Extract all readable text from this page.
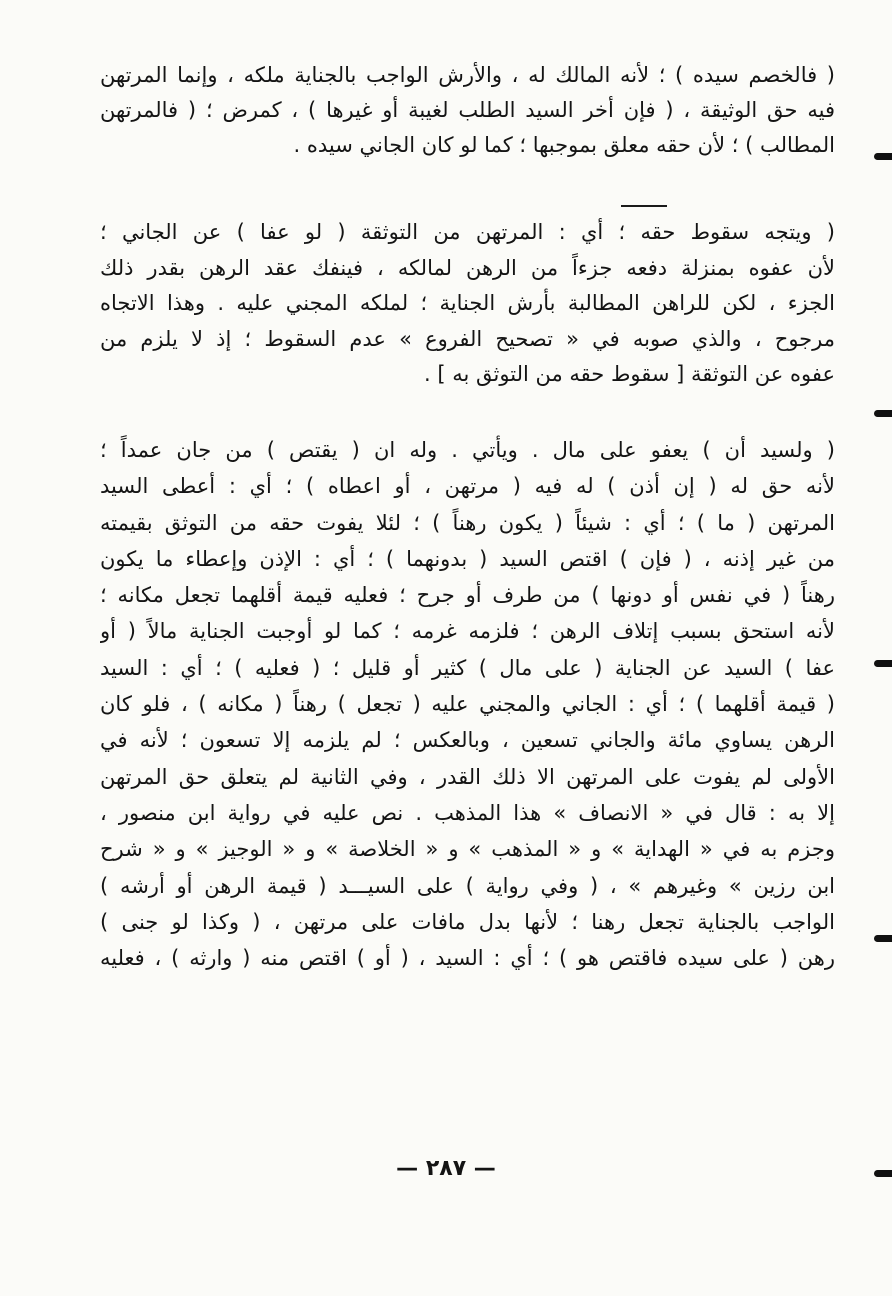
( فالخصم سيده ) ؛ لأنه المالك له ، والأرش الواجب بالجناية ملكه ، وإنما المرتهن
فيه حق الوثيقة ، ( فإن أخر السيد الطلب لغيبة أو غيرها ) ، كمرض ؛ ( فالمرتهن
المطالب ) ؛ لأن حقه معلق بموجبها ؛ كما لو كان الجاني سيده .
( ويتجه سقوط حقه ؛ أي : المرتهن من التوثقة ( لو عفا ) عن الجاني ؛
لأن عفوه بمنزلة دفعه جزءاً من الرهن لمالكه ، فينفك عقد الرهن بقدر ذلك
الجزء ، لكن للراهن المطالبة بأرش الجناية ؛ لملكه المجني عليه . وهذا الاتجاه
مرجوح ، والذي صوبه في « تصحيح الفروع » عدم السقوط ؛ إذ لا يلزم من
عفوه عن التوثقة [ سقوط حقه من التوثق به ] .
( ولسيد أن ) يعفو على مال . ويأتي . وله ان ( يقتص ) من جان عمداً ؛
لأنه حق له ( إن أذن ) له فيه ( مرتهن ، أو اعطاه ) ؛ أي : أعطى السيد
المرتهن ( ما ) ؛ أي : شيئاً ( يكون رهناً ) ؛ لئلا يفوت حقه من التوثق بقيمته
من غير إذنه ، ( فإن ) اقتص السيد ( بدونهما ) ؛ أي : الإذن وإعطاء ما يكون
رهناً ( في نفس أو دونها ) من طرف أو جرح ؛ فعليه قيمة أقلهما تجعل مكانه ؛
لأنه استحق بسبب إتلاف الرهن ؛ فلزمه غرمه ؛ كما لو أوجبت الجناية مالاً ( أو
عفا ) السيد عن الجناية ( على مال ) كثير أو قليل ؛ ( فعليه ) ؛ أي : السيد
( قيمة أقلهما ) ؛ أي : الجاني والمجني عليه ( تجعل ) رهناً ( مكانه ) ، فلو كان
الرهن يساوي مائة والجاني تسعين ، وبالعكس ؛ لم يلزمه إلا تسعون ؛ لأنه في
الأولى لم يفوت على المرتهن الا ذلك القدر ، وفي الثانية لم يتعلق حق المرتهن
إلا به : قال في « الانصاف » هذا المذهب . نص عليه في رواية ابن منصور ،
وجزم به في « الهداية » و « المذهب » و « الخلاصة » و « الوجيز » و « شرح
ابن رزين » وغيرهم » ، ( وفي رواية ) على السيـــد ( قيمة الرهن أو أرشه )
الواجب بالجناية تجعل رهنا ؛ لأنها بدل مافات على مرتهن ، ( وكذا لو جنى )
رهن ( على سيده فاقتص هو ) ؛ أي : السيد ، ( أو ) اقتص منه ( وارثه ) ، فعليه
— ٢٨٧ —
